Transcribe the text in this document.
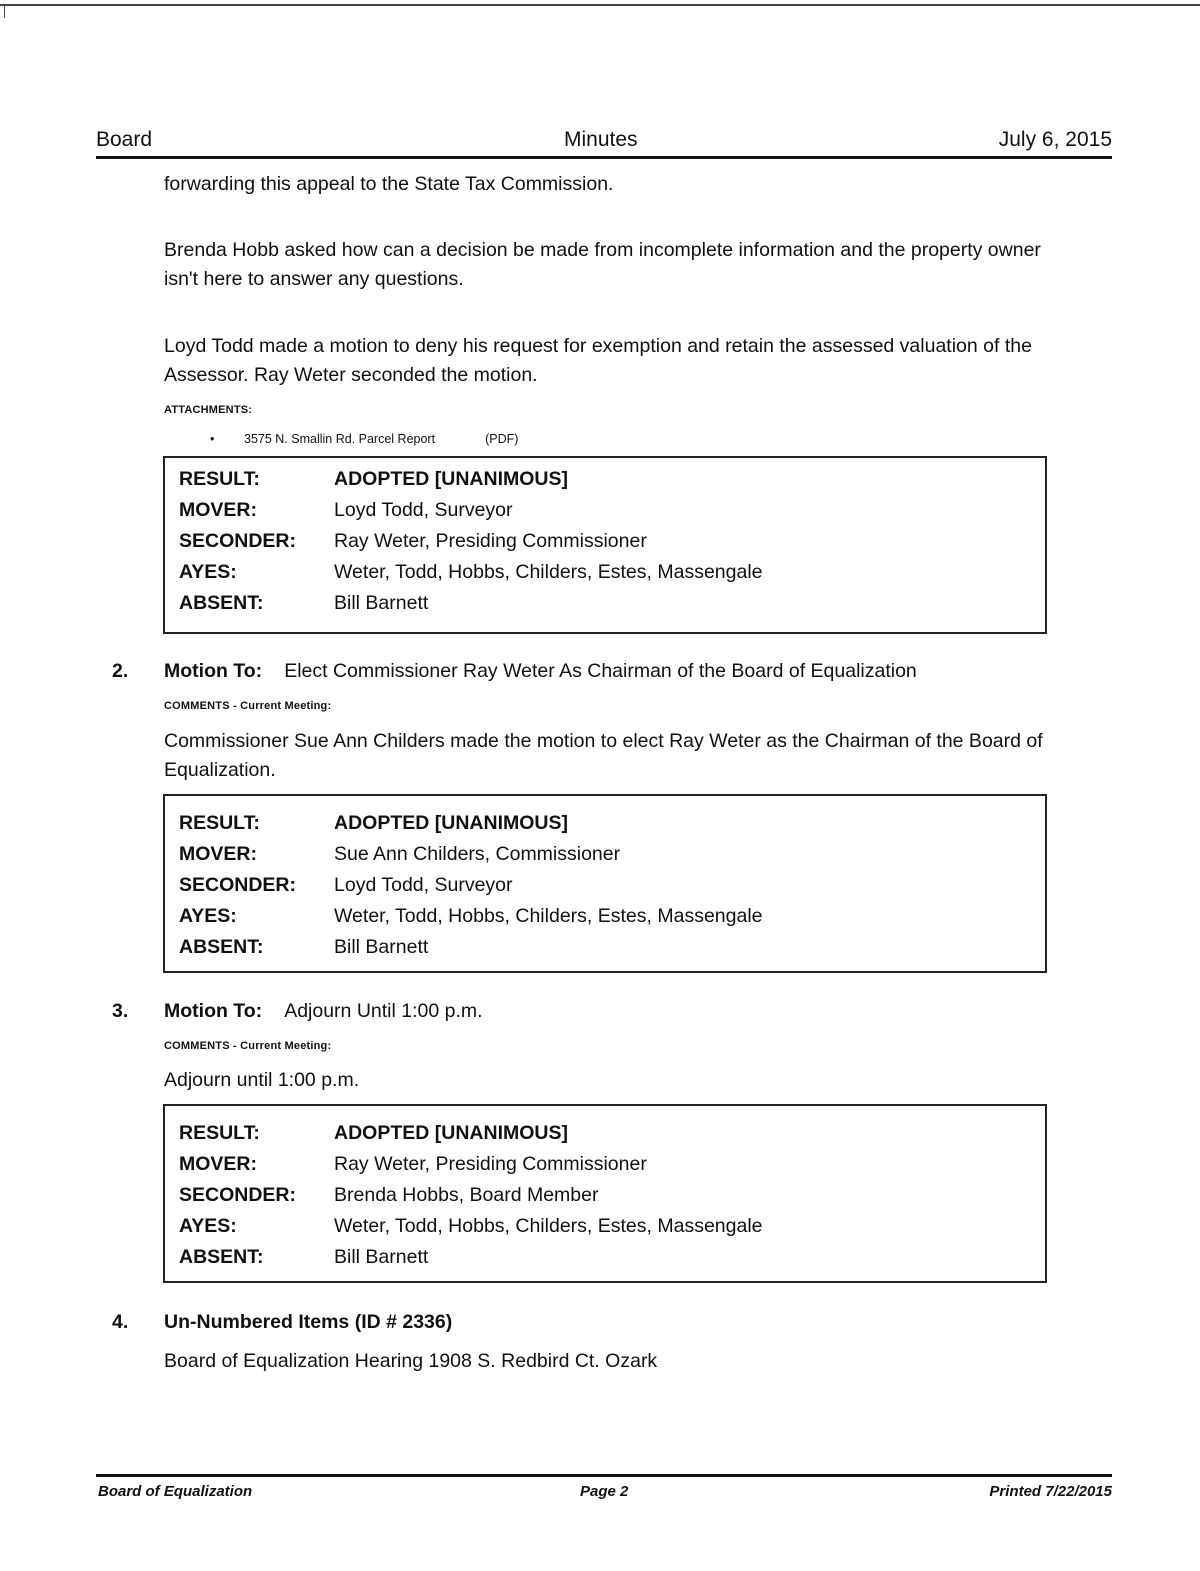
Board	Minutes	July 6, 2015
forwarding this appeal to the State Tax Commission.
Brenda Hobb asked how can a decision be made from incomplete information and the property owner isn't here to answer any questions.
Loyd Todd made a motion to deny his request for exemption and retain the assessed valuation of the Assessor. Ray Weter seconded the motion.
ATTACHMENTS:
• 3575 N. Smallin Rd. Parcel Report	(PDF)
RESULT:	ADOPTED [UNANIMOUS]
MOVER:	Loyd Todd, Surveyor
SECONDER: Ray Weter, Presiding Commissioner
AYES:	Weter, Todd, Hobbs, Childers, Estes, Massengale
ABSENT:	Bill Barnett
2. Motion To: Elect Commissioner Ray Weter As Chairman of the Board of Equalization
COMMENTS - Current Meeting:
Commissioner Sue Ann Childers made the motion to elect Ray Weter as the Chairman of the Board of Equalization.
RESULT:	ADOPTED [UNANIMOUS]
MOVER:	Sue Ann Childers, Commissioner
SECONDER: Loyd Todd, Surveyor
AYES:	Weter, Todd, Hobbs, Childers, Estes, Massengale
ABSENT:	Bill Barnett
3. Motion To: Adjourn Until 1:00 p.m.
COMMENTS - Current Meeting:
Adjourn until 1:00 p.m.
RESULT:	ADOPTED [UNANIMOUS]
MOVER:	Ray Weter, Presiding Commissioner
SECONDER: Brenda Hobbs, Board Member
AYES:	Weter, Todd, Hobbs, Childers, Estes, Massengale
ABSENT:	Bill Barnett
4. Un-Numbered Items (ID # 2336)
Board of Equalization Hearing 1908 S. Redbird Ct. Ozark
Board of Equalization	Page 2	Printed 7/22/2015
